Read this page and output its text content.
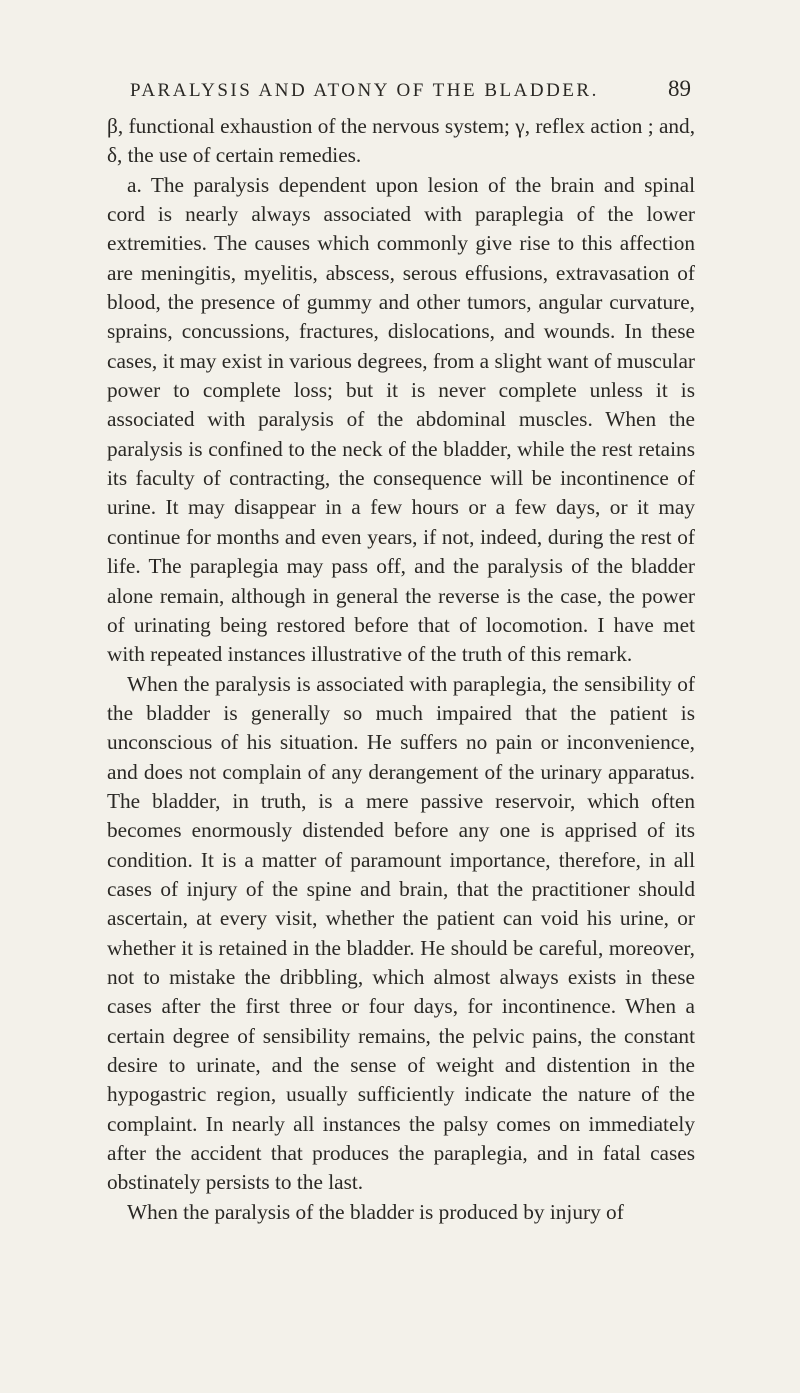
PARALYSIS AND ATONY OF THE BLADDER.	89

β, functional exhaustion of the nervous system; γ, reflex action ; and, δ, the use of certain remedies.

a. The paralysis dependent upon lesion of the brain and spinal cord is nearly always associated with paraplegia of the lower extremities. The causes which commonly give rise to this affection are meningitis, myelitis, abscess, serous effusions, extravasation of blood, the presence of gummy and other tumors, angular curvature, sprains, concussions, fractures, dislocations, and wounds. In these cases, it may exist in various degrees, from a slight want of muscular power to complete loss; but it is never complete unless it is associated with paralysis of the abdominal muscles. When the paralysis is confined to the neck of the bladder, while the rest retains its faculty of contracting, the consequence will be incontinence of urine. It may disappear in a few hours or a few days, or it may continue for months and even years, if not, indeed, during the rest of life. The paraplegia may pass off, and the paralysis of the bladder alone remain, although in general the reverse is the case, the power of urinating being restored before that of locomotion. I have met with repeated instances illustrative of the truth of this remark.

When the paralysis is associated with paraplegia, the sensibility of the bladder is generally so much impaired that the patient is unconscious of his situation. He suffers no pain or inconvenience, and does not complain of any derangement of the urinary apparatus. The bladder, in truth, is a mere passive reservoir, which often becomes enormously distended before any one is apprised of its condition. It is a matter of paramount importance, therefore, in all cases of injury of the spine and brain, that the practitioner should ascertain, at every visit, whether the patient can void his urine, or whether it is retained in the bladder. He should be careful, moreover, not to mistake the dribbling, which almost always exists in these cases after the first three or four days, for incontinence. When a certain degree of sensibility remains, the pelvic pains, the constant desire to urinate, and the sense of weight and distention in the hypogastric region, usually sufficiently indicate the nature of the complaint. In nearly all instances the palsy comes on immediately after the accident that produces the paraplegia, and in fatal cases obstinately persists to the last.

When the paralysis of the bladder is produced by injury of
